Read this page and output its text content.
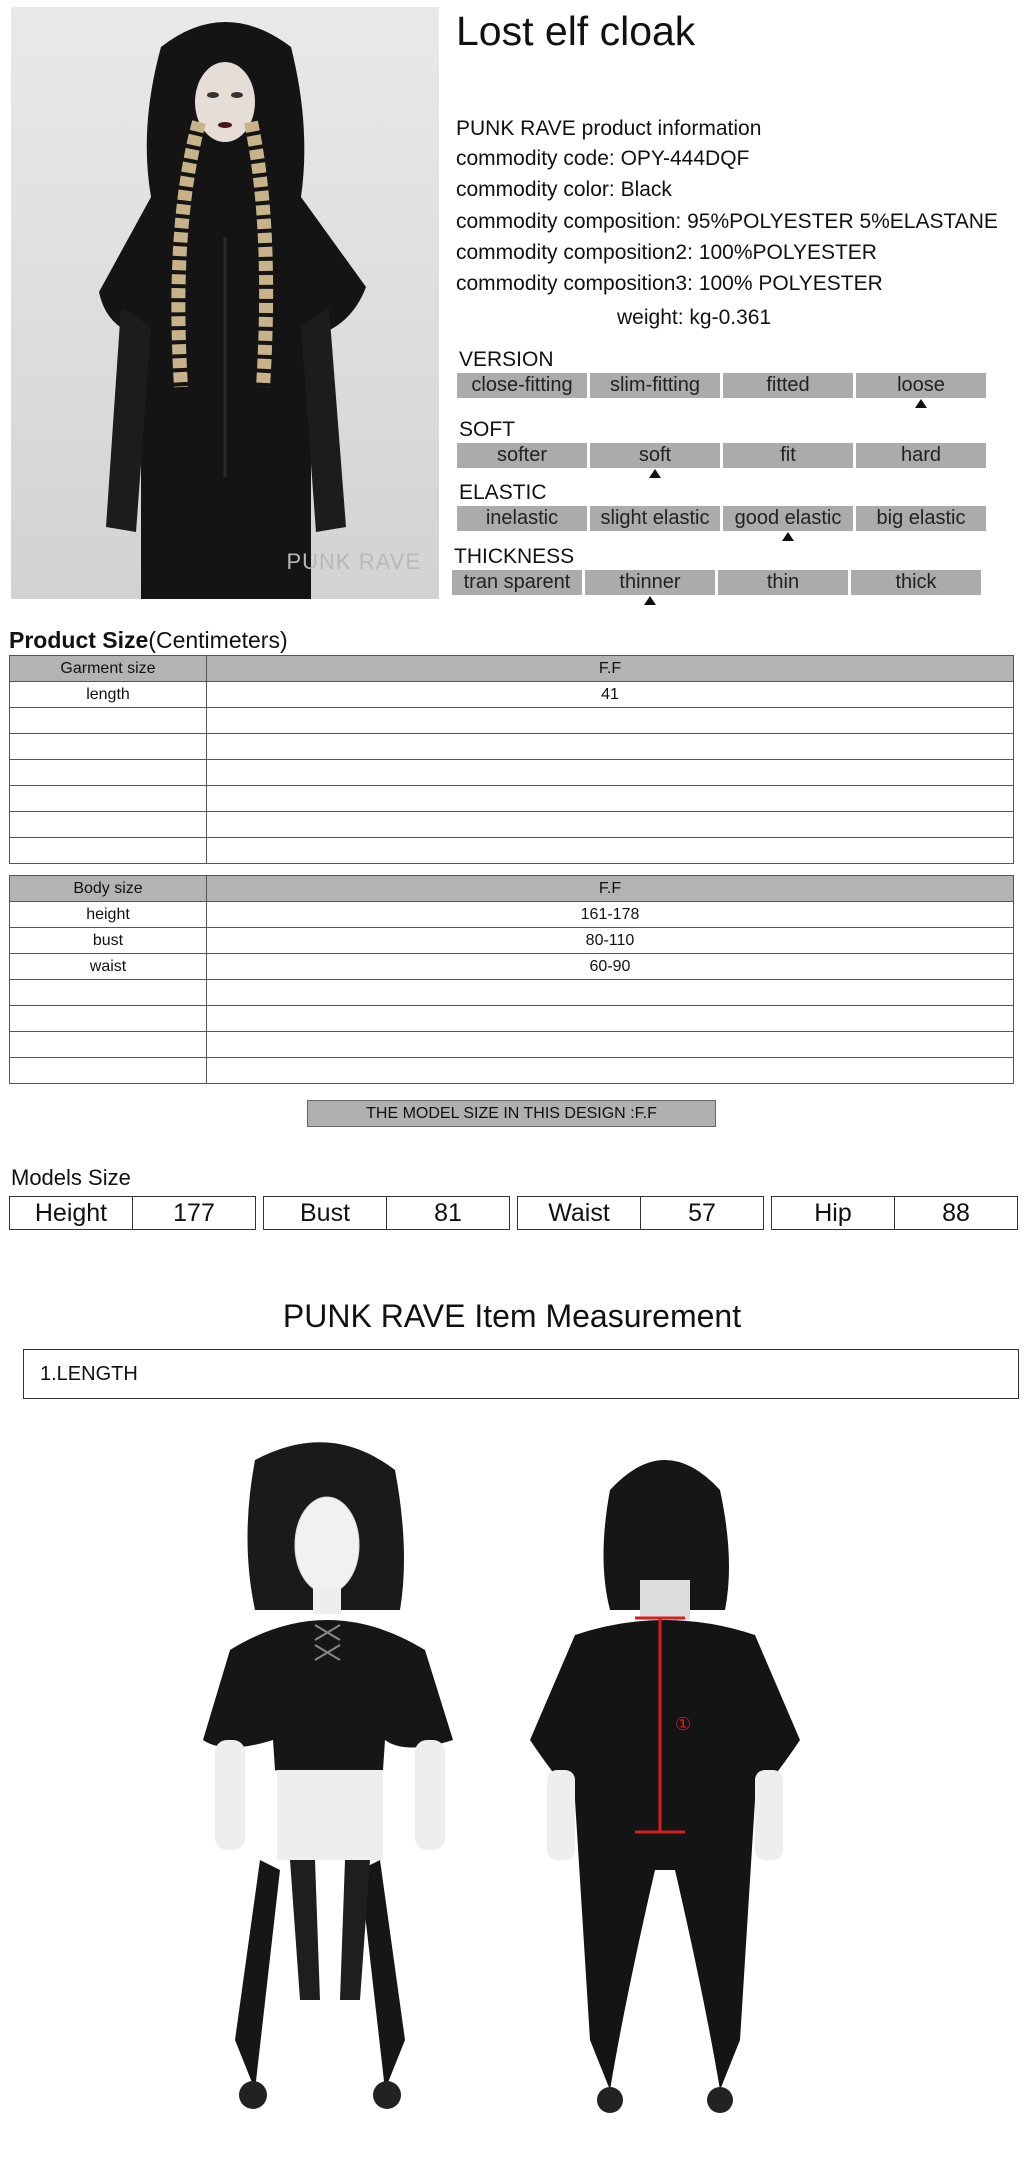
PUNK RAVE
Lost elf cloak
PUNK RAVE product information
commodity code: OPY-444DQF
commodity color: Black
commodity composition: 95%POLYESTER 5%ELASTANE
commodity composition2: 100%POLYESTER
commodity composition3: 100% POLYESTER
weight: kg-0.361
VERSION
close-fitting	slim-fitting	fitted	loose
SOFT
softer	soft	fit	hard
ELASTIC
inelastic	slight elastic	good elastic	big elastic
THICKNESS
tran sparent	thinner	thin	thick
Product Size(Centimeters)
Garment size	F.F
length	41

Body size	F.F
height	161-178
bust	80-110
waist	60-90

THE MODEL SIZE IN THIS DESIGN :F.F
Models Size
Height	177	Bust	81	Waist	57	Hip	88
PUNK RAVE Item Measurement
1.LENGTH
①
